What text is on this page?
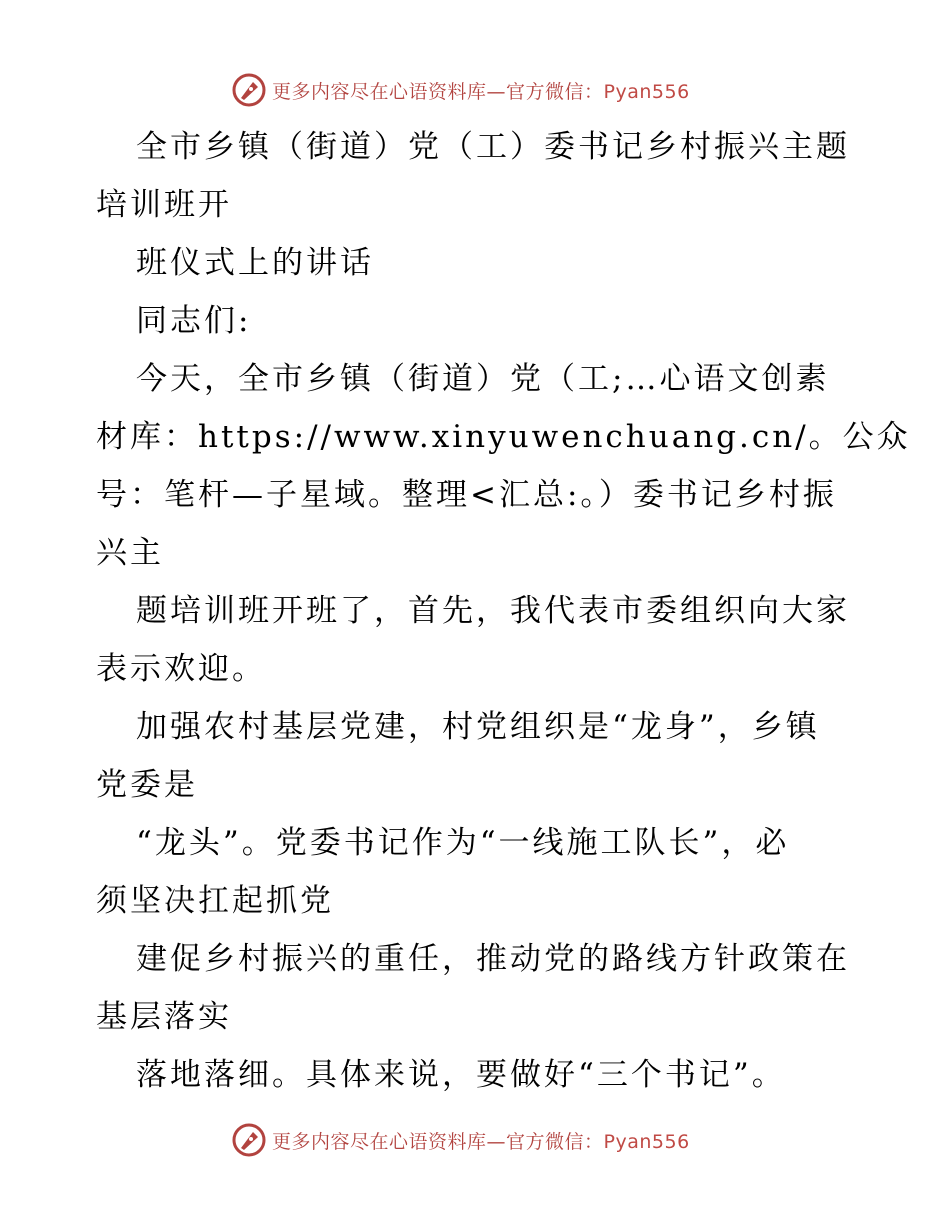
更多内容尽在心语资料库—官方微信：Pyan556
全市乡镇（街道）党（工）委书记乡村振兴主题
培训班开
班仪式上的讲话
同志们:
今天，全市乡镇（街道）党（工;…心语文创素
材库：https://www.xinyuwenchuang.cn/。公众
号：笔杆—子星域。整理<汇总:。）委书记乡村振
兴主
题培训班开班了，首先，我代表市委组织向大家
表示欢迎。
加强农村基层党建，村党组织是“龙身”，乡镇
党委是
“龙头”。党委书记作为“一线施工队长”，必
须坚决扛起抓党
建促乡村振兴的重任，推动党的路线方针政策在
基层落实
落地落细。具体来说，要做好“三个书记”。
更多内容尽在心语资料库—官方微信：Pyan556
